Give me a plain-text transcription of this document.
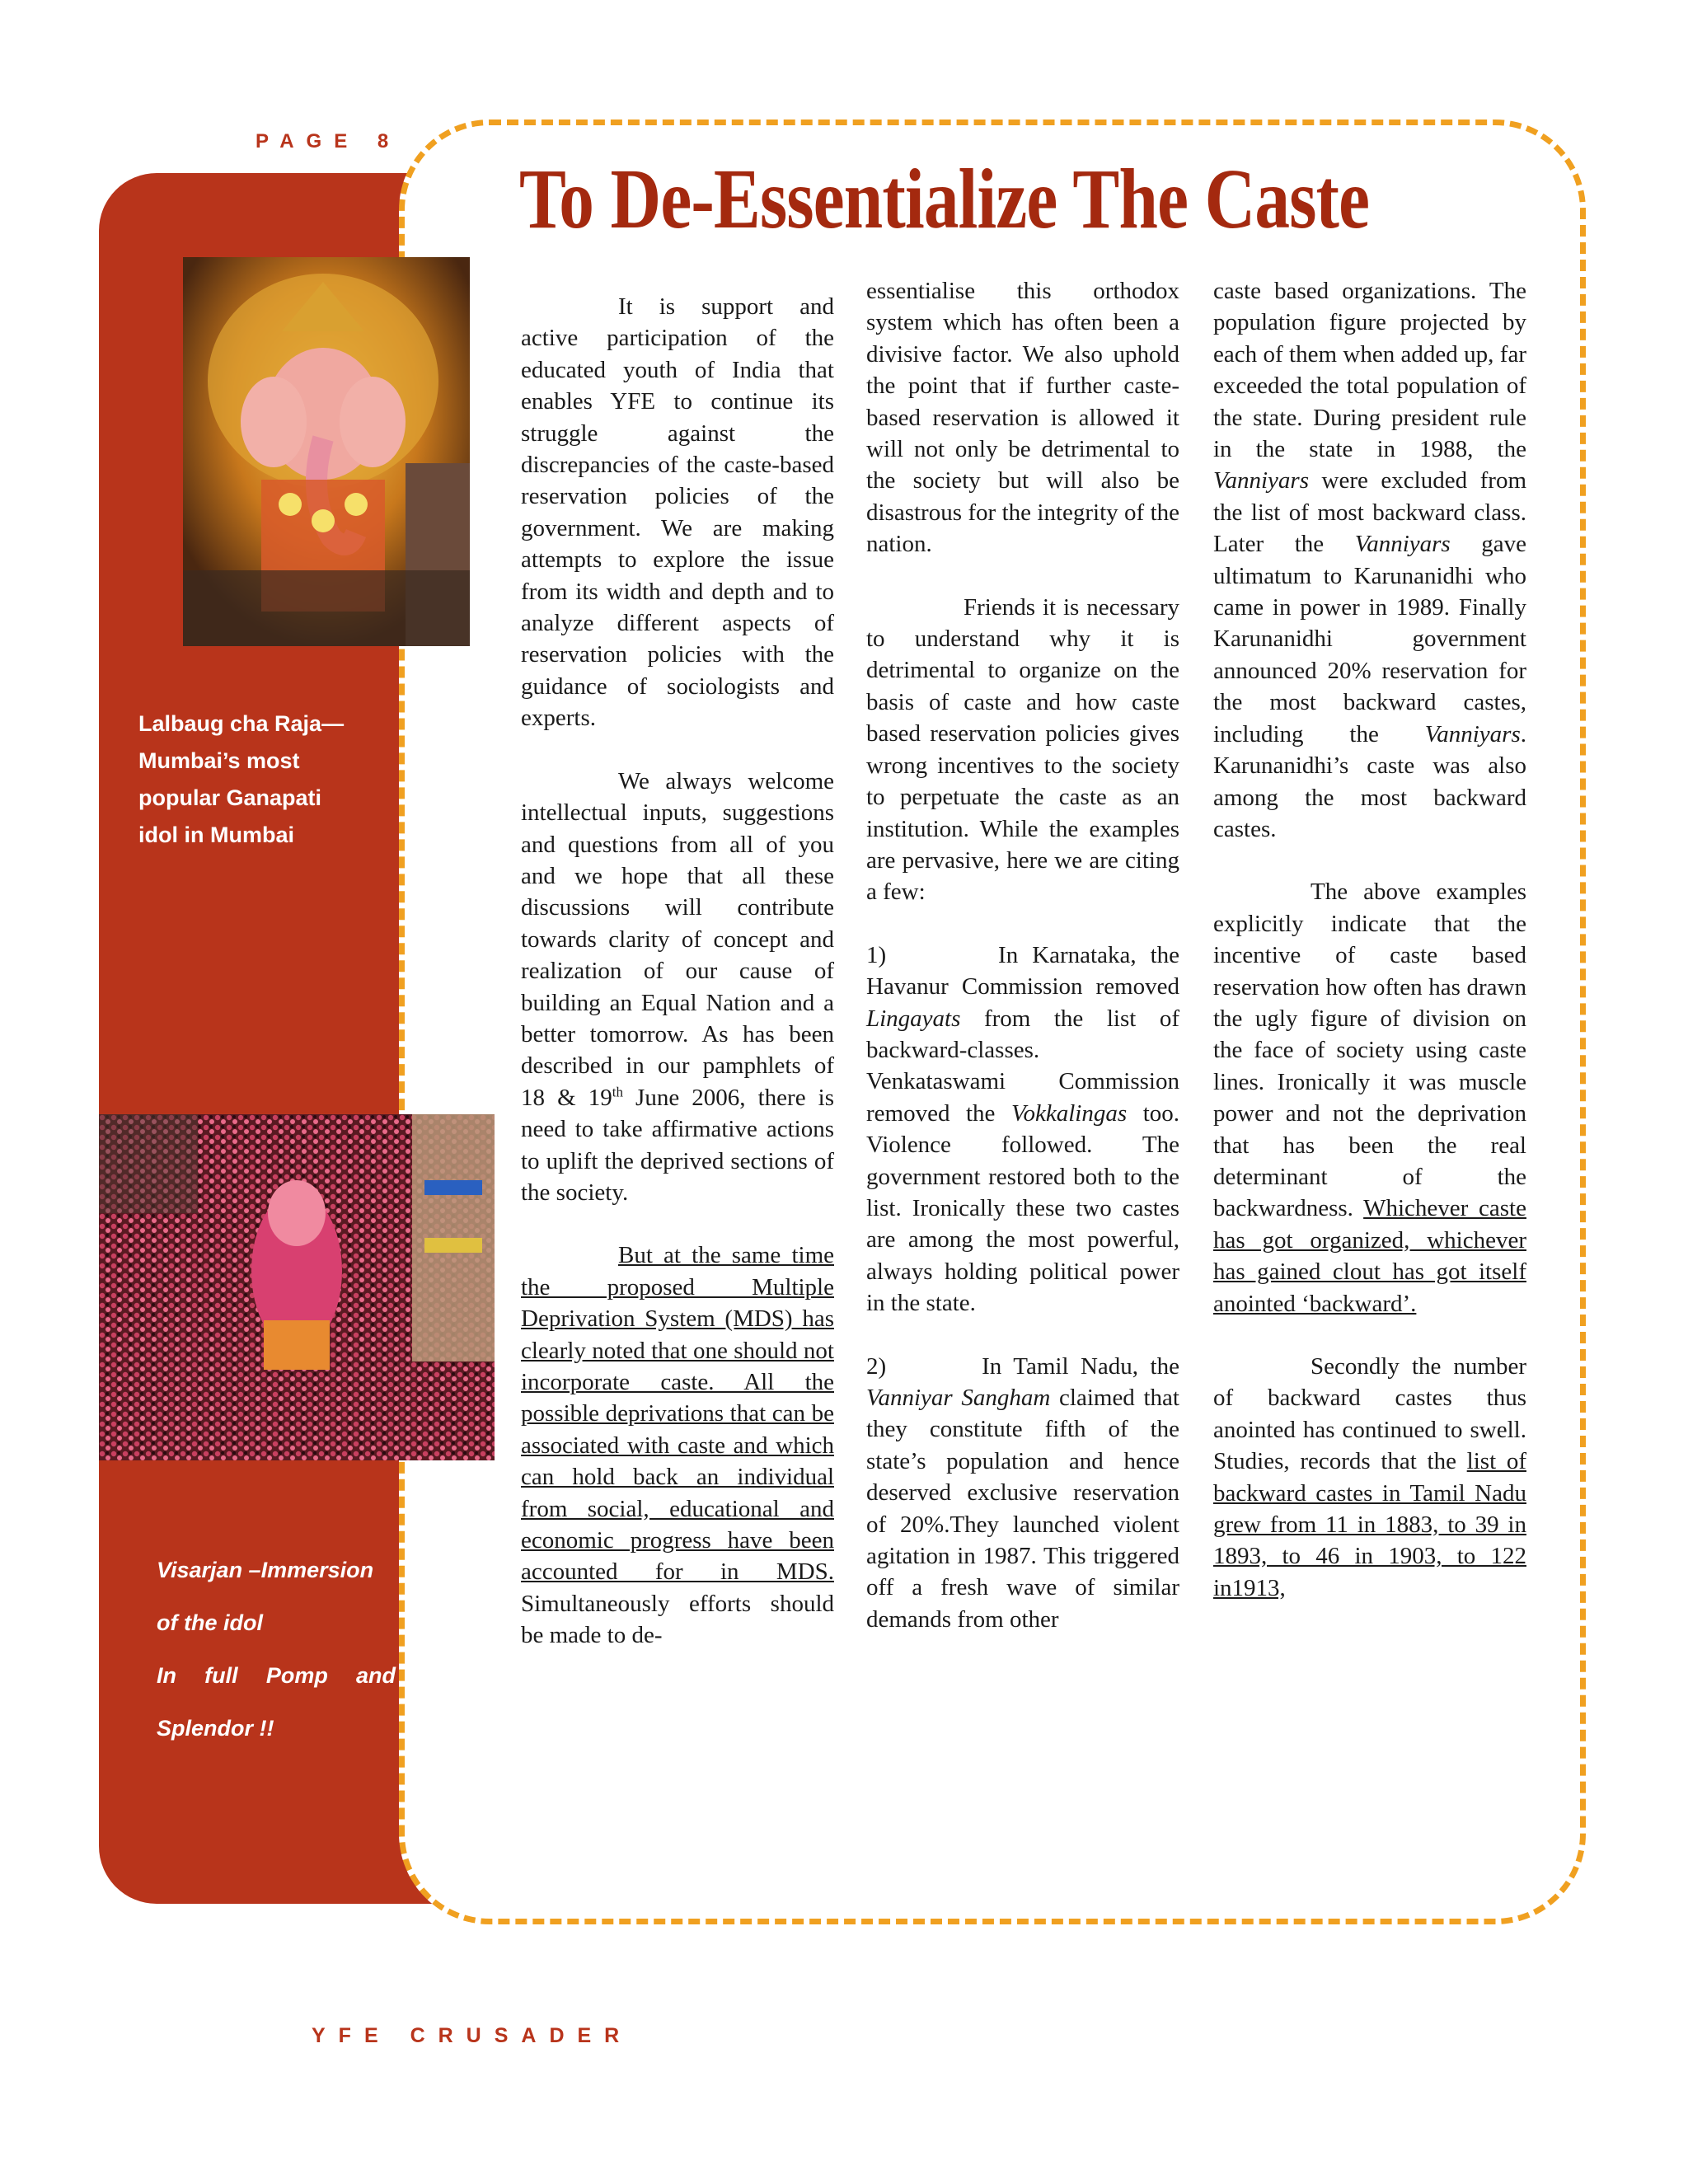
PAGE 8
Lalbaug cha Raja—
Mumbai’s most
popular Ganapati
idol in Mumbai
Visarjan –Immersion
of the idol
In full Pomp and
Splendor !!
To De-Essentialize The Caste

It is support and active participation of the educated youth of India that enables YFE to continue its struggle against the discrepancies of the caste-based reservation policies of the government. We are making attempts to explore the issue from its width and depth and to analyze different aspects of reservation policies with the guidance of sociologists and experts.

We always welcome intellectual inputs, suggestions and questions from all of you and we hope that all these discussions will contribute towards clarity of concept and realization of our cause of building an Equal Nation and a better tomorrow. As has been described in our pamphlets of 18 & 19th June 2006, there is need to take affirmative actions to uplift the deprived sections of the society.

But at the same time the proposed Multiple Deprivation System (MDS) has clearly noted that one should not incorporate caste. All the possible deprivations that can be associated with caste and which can hold back an individual from social, educational and economic progress have been accounted for in MDS. Simultaneously efforts should be made to de-

essentialise this orthodox system which has often been a divisive factor. We also uphold the point that if further caste-based reservation is allowed it will not only be detrimental to the society but will also be disastrous for the integrity of the nation.

Friends it is necessary to understand why it is detrimental to organize on the basis of caste and how caste based reservation policies gives wrong incentives to the society to perpetuate the caste as an institution. While the examples are pervasive, here we are citing a few:

1)        In Karnataka, the Havanur Commission removed Lingayats from the list of backward-classes. Venkataswami Commission removed the Vokkalingas too. Violence followed. The government restored both to the list. Ironically these two castes are among the most powerful, always holding political power in the state.

2)        In Tamil Nadu, the Vanniyar Sangham claimed that they constitute fifth of the state’s population and hence deserved exclusive reservation of 20%.They launched violent agitation in 1987. This triggered off a fresh wave of similar demands from other

caste based organizations. The population figure projected by each of them when added up, far exceeded the total population of the state. During president rule in the state in 1988, the Vanniyars were excluded from the list of most backward class. Later the Vanniyars gave ultimatum to Karunanidhi who came in power in 1989. Finally Karunanidhi government announced 20% reservation for the most backward castes, including the Vanniyars. Karunanidhi’s caste was also among the most backward castes.

The above examples explicitly indicate that the incentive of caste based reservation how often has drawn the ugly figure of division on the face of society using caste lines. Ironically it was muscle power and not the deprivation that has been the real determinant of the backwardness. Whichever caste has got organized, whichever has gained clout has got itself anointed ‘backward’.

Secondly the number of backward castes thus anointed has continued to swell. Studies, records that the list of backward castes in Tamil Nadu grew from 11 in 1883, to 39 in 1893, to 46 in 1903, to 122 in1913,

YFE CRUSADER
